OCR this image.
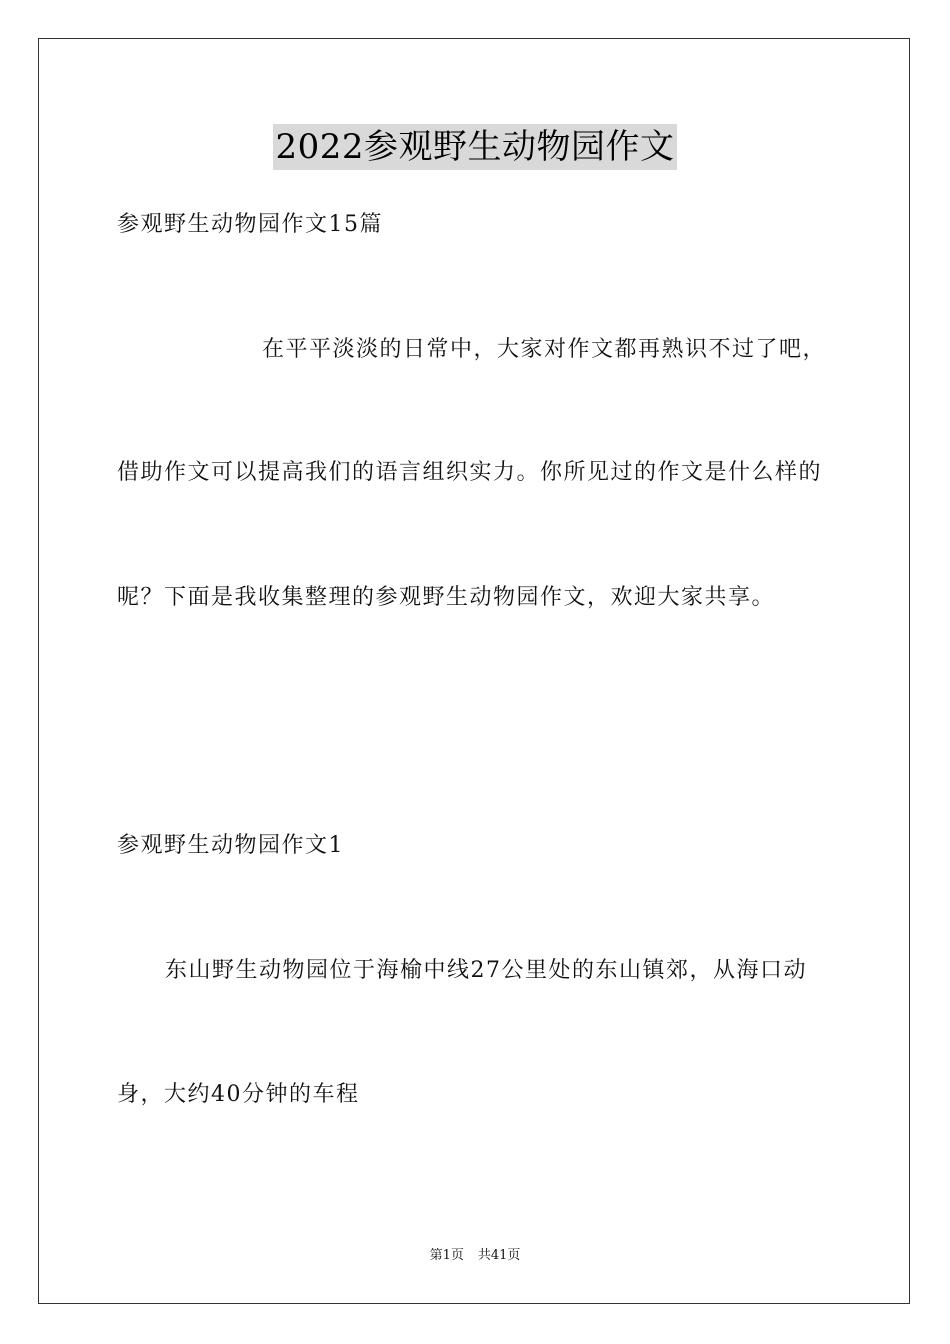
2022参观野生动物园作文
参观野生动物园作文15篇
在平平淡淡的日常中，大家对作文都再熟识不过了吧，
借助作文可以提高我们的语言组织实力。你所见过的作文是什么样的
呢？下面是我收集整理的参观野生动物园作文，欢迎大家共享。
参观野生动物园作文1
东山野生动物园位于海榆中线27公里处的东山镇郊，从海口动
身，大约40分钟的车程
第1页 共41页
